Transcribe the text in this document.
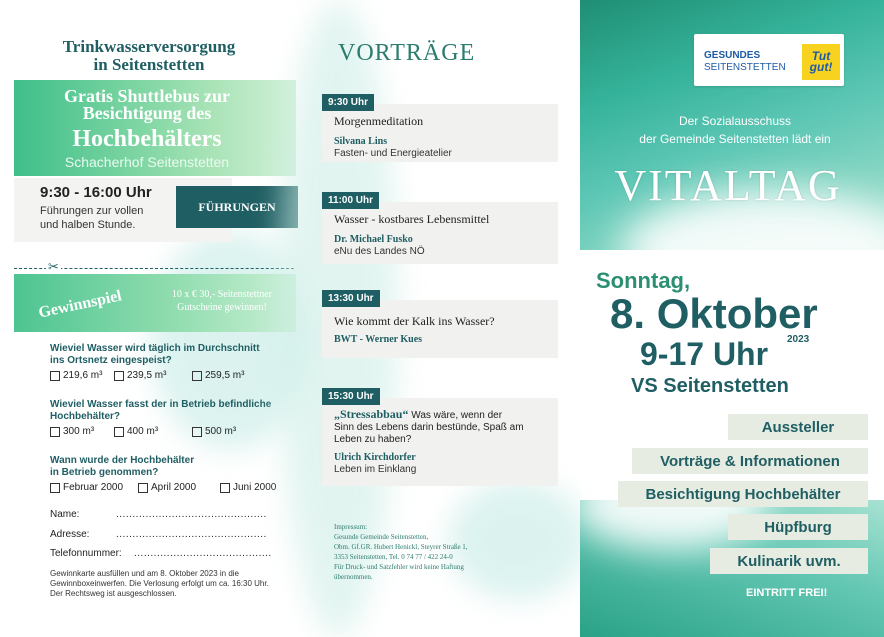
Trinkwasserversorgung
in Seitenstetten
Gratis Shuttlebus zur
Besichtigung des
Hochbehälters
Schacherhof Seitenstetten
9:30 - 16:00 Uhr
Führungen zur vollen
und halben Stunde.
FÜHRUNGEN
✂
Gewinnspiel	10 x € 30,- Seitenstettner
Gutscheine gewinnen!
Wieviel Wasser wird täglich im Durchschnitt
ins Ortsnetz eingespeist?
219,6 m³ 239,5 m³	259,5 m³
Wieviel Wasser fasst der in Betrieb befindliche
Hochbehälter?
300 m³	400 m³	500 m³
Wann wurde der Hochbehälter
in Betrieb genommen?
Februar 2000	April 2000	Juni 2000
Name:	..............................................
Adresse:	..............................................
Telefonnummer: ..........................................
Gewinnkarte ausfüllen und am 8. Oktober 2023 in die
Gewinnboxeinwerfen. Die Verlosung erfolgt um ca. 16:30 Uhr.
Der Rechtsweg ist ausgeschlossen.
VORTRÄGE
Morgenmeditation
Silvana Lins
Fasten- und Energieatelier
9:30 Uhr
Wasser - kostbares Lebensmittel
Dr. Michael Fusko
eNu des Landes NÖ
11:00 Uhr
Wie kommt der Kalk ins Wasser?
BWT - Werner Kues
13:30 Uhr
„Stressabbau“ Was wäre, wenn der
Sinn des Lebens darin bestünde, Spaß am
Leben zu haben?
Ulrich Kirchdorfer
Leben im Einklang
15:30 Uhr
Impressum:
Gesunde Gemeinde Seitenstetten,
Obm. Gf.GR. Hubert Henickl, Steyrer Straße 1,
3353 Seitenstetten, Tel. 0 74 77 / 422 24-0
Für Druck- und Satzfehler wird keine Haftung
übernommen.
GESUNDES
SEITENSTETTEN
Tut
gut!
Der Sozialausschuss
der Gemeinde Seitenstetten lädt ein
VITALTAG
Sonntag,
8. Oktober
9-17 Uhr 2023
VS Seitenstetten
Aussteller
Vorträge & Informationen
Besichtigung Hochbehälter
Hüpfburg
Kulinarik uvm.
EINTRITT FREI!
